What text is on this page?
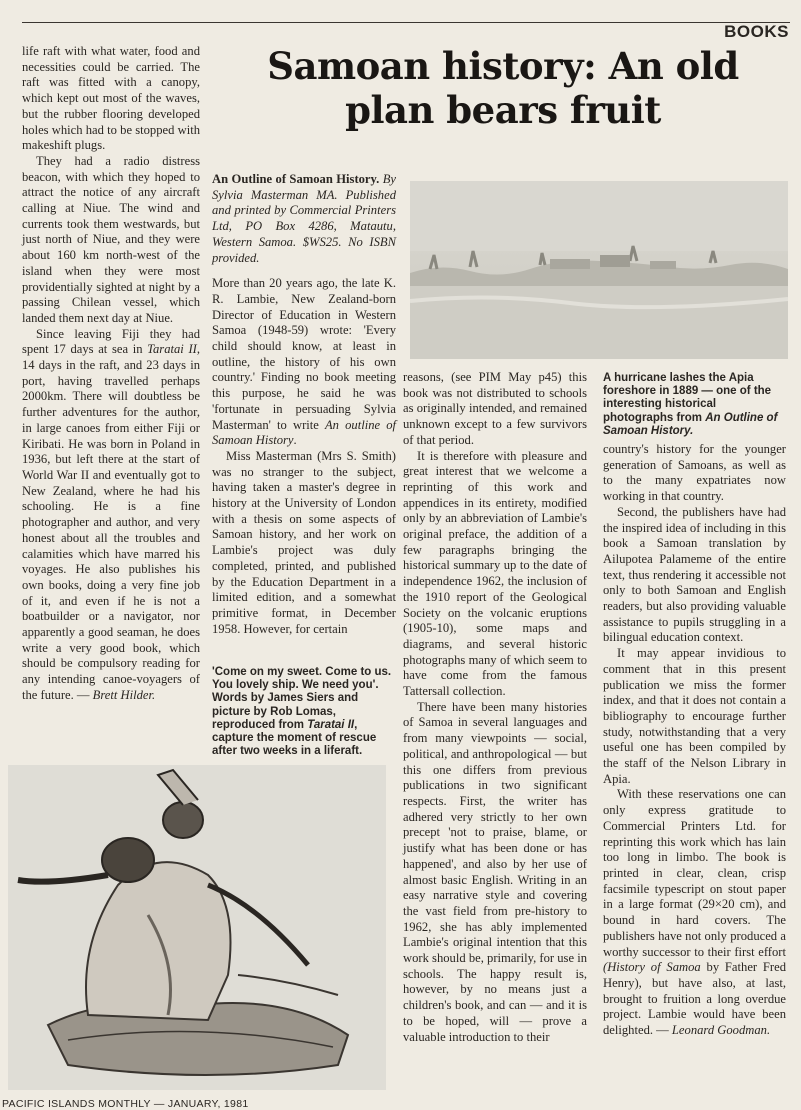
BOOKS
Samoan history: An old
plan bears fruit

life raft with what water, food and necessities could be carried. The raft was fitted with a canopy, which kept out most of the waves, but the rubber flooring developed holes which had to be stopped with makeshift plugs.

They had a radio distress beacon, with which they hoped to attract the notice of any aircraft calling at Niue. The wind and currents took them westwards, but just north of Niue, and they were about 160 km north-west of the island when they were most providentially sighted at night by a passing Chilean vessel, which landed them next day at Niue.

Since leaving Fiji they had spent 17 days at sea in Taratai II, 14 days in the raft, and 23 days in port, having travelled perhaps 2000km. There will doubtless be further adventures for the author, in large canoes from either Fiji or Kiribati. He was born in Poland in 1936, but left there at the start of World War II and eventually got to New Zealand, where he had his schooling. He is a fine photographer and author, and very honest about all the troubles and calamities which have marred his voyages. He also publishes his own books, doing a very fine job of it, and even if he is not a boatbuilder or a navigator, nor apparently a good seaman, he does write a very good book, which should be compulsory reading for any intending canoe-voyagers of the future. — Brett Hilder.

An Outline of Samoan History. By Sylvia Masterman MA. Published and printed by Commercial Printers Ltd, PO Box 4286, Matautu, Western Samoa. $WS25. No ISBN provided.

More than 20 years ago, the late K. R. Lambie, New Zealand-born Director of Education in Western Samoa (1948-59) wrote: 'Every child should know, at least in outline, the history of his own country.' Finding no book meeting this purpose, he said he was 'fortunate in persuading Sylvia Masterman' to write An outline of Samoan History.

Miss Masterman (Mrs S. Smith) was no stranger to the subject, having taken a master's degree in history at the University of London with a thesis on some aspects of Samoan history, and her work on Lambie's project was duly completed, printed, and published by the Education Department in a limited edition, and a somewhat primitive format, in December 1958. However, for certain

'Come on my sweet. Come to us. You lovely ship. We need you'. Words by James Siers and picture by Rob Lomas, reproduced from Taratai II, capture the moment of rescue after two weeks in a liferaft.
A hurricane lashes the Apia foreshore in 1889 — one of the interesting historical photographs from An Outline of Samoan History.

reasons, (see PIM May p45) this book was not distributed to schools as originally intended, and remained unknown except to a few survivors of that period.

It is therefore with pleasure and great interest that we welcome a reprinting of this work and appendices in its entirety, modified only by an abbreviation of Lambie's original preface, the addition of a few paragraphs bringing the historical summary up to the date of independence 1962, the inclusion of the 1910 report of the Geological Society on the volcanic eruptions (1905-10), some maps and diagrams, and several historic photographs many of which seem to have come from the famous Tattersall collection.

There have been many histories of Samoa in several languages and from many viewpoints — social, political, and anthropological — but this one differs from previous publications in two significant respects. First, the writer has adhered very strictly to her own precept 'not to praise, blame, or justify what has been done or has happened', and also by her use of almost basic English. Writing in an easy narrative style and covering the vast field from pre-history to 1962, she has ably implemented Lambie's original intention that this work should be, primarily, for use in schools. The happy result is, however, by no means just a children's book, and can — and it is to be hoped, will — prove a valuable introduction to their

country's history for the younger generation of Samoans, as well as to the many expatriates now working in that country.

Second, the publishers have had the inspired idea of including in this book a Samoan translation by Ailupotea Palameme of the entire text, thus rendering it accessible not only to both Samoan and English readers, but also providing valuable assistance to pupils struggling in a bilingual education context.

It may appear invidious to comment that in this present publication we miss the former index, and that it does not contain a bibliography to encourage further study, notwithstanding that a very useful one has been compiled by the staff of the Nelson Library in Apia.

With these reservations one can only express gratitude to Commercial Printers Ltd. for reprinting this work which has lain too long in limbo. The book is printed in clear, clean, crisp facsimile typescript on stout paper in a large format (29×20 cm), and bound in hard covers. The publishers have not only produced a worthy successor to their first effort (History of Samoa by Father Fred Henry), but have also, at last, brought to fruition a long overdue project. Lambie would have been delighted. — Leonard Goodman.

PACIFIC ISLANDS MONTHLY — JANUARY, 1981
